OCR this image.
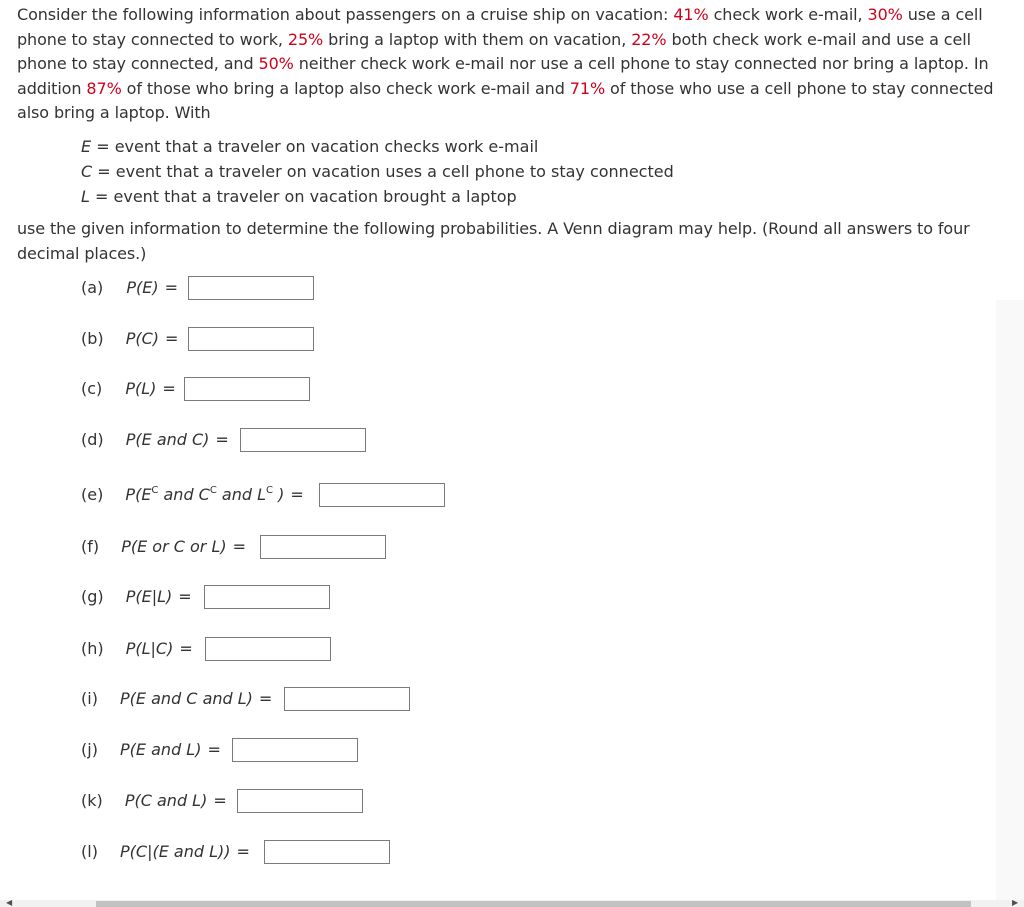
Consider the following information about passengers on a cruise ship on vacation: 41% check work e-mail, 30% use a cell phone to stay connected to work, 25% bring a laptop with them on vacation, 22% both check work e-mail and use a cell phone to stay connected, and 50% neither check work e-mail nor use a cell phone to stay connected nor bring a laptop. In addition 87% of those who bring a laptop also check work e-mail and 71% of those who use a cell phone to stay connected also bring a laptop. With

E = event that a traveler on vacation checks work e-mail
C = event that a traveler on vacation uses a cell phone to stay connected
L = event that a traveler on vacation brought a laptop

use the given information to determine the following probabilities. A Venn diagram may help. (Round all answers to four decimal places.)

(a) P(E) =
(b) P(C) =
(c) P(L) =
(d) P(E and C) =
(e) $P(E^C$ and $C^C$ and $L^C$ ) =
(f) P(E or C or L) =
(g) P(E|L) =
(h) P(L|C) =
(i) P(E and C and L) =
(j) P(E and L) =
(k) P(C and L) =
(l) P(C|(E and L)) =
◀	▶
